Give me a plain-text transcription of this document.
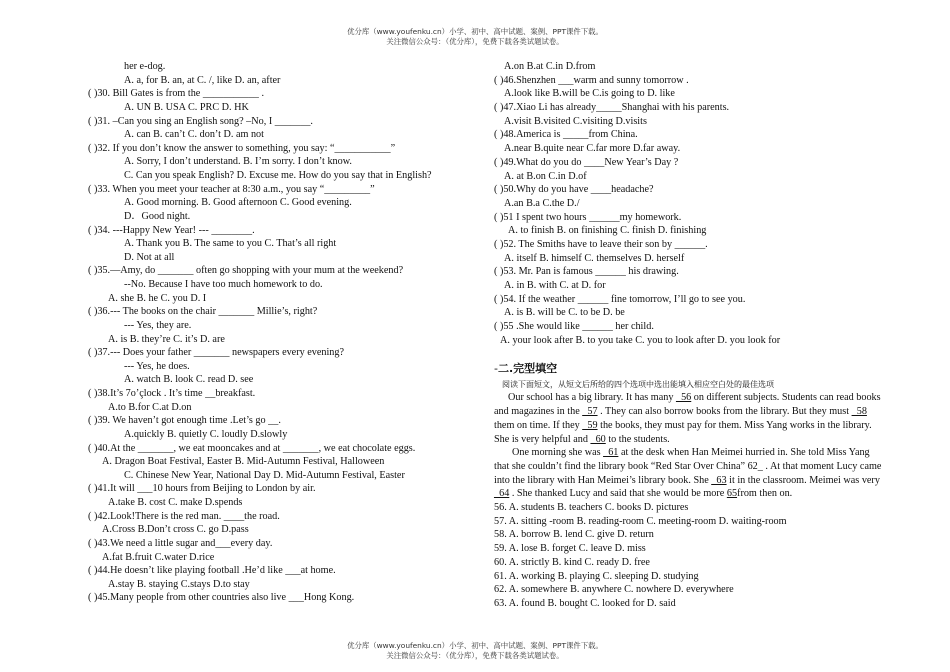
优分库（www.youfenku.cn）小学、初中、高中试题、案例、PPT课件下载。
关注微信公众号：（优分库），免费下载各类试题试卷。
her e-dog.
A. a, for B. an, at C. /, like D. an, after
( )30. Bill Gates is from the ___________ .
A. UN B. USA C. PRC D. HK
( )31. –Can you sing an English song? –No, I _______.
A. can B. can’t C. don’t D. am not
( )32. If you don’t know the answer to something, you say: “___________”
A. Sorry, I don’t understand. B. I’m sorry. I don’t know.
C. Can you speak English? D. Excuse me. How do you say that in English?
( )33. When you meet your teacher at 8:30 a.m., you say “_________”
A. Good morning. B. Good afternoon C. Good evening.
D．Good night.
( )34. ---Happy New Year! --- ________.
A. Thank you B. The same to you C. That’s all right
D. Not at all
( )35.—Amy, do _______ often go shopping with your mum at the weekend?
--No. Because I have too much homework to do.
A. she B. he C. you D. I
( )36.--- The books on the chair _______ Millie’s, right?
--- Yes, they are.
A. is B. they’re C. it’s D. are
( )37.--- Does your father _______ newspapers every evening?
--- Yes, he does.
A. watch B. look C. read D. see
( )38.It’s 7o’çlock . It’s time __breakfast.
A.to B.for C.at D.on
( )39. We haven’t got enough time .Let’s go __.
A.quickly B. quietly C. loudly D.slowly
( )40.At the _______, we eat mooncakes and at _______, we eat chocolate eggs.
A. Dragon Boat Festival, Easter B. Mid-Autumn Festival, Halloween
C. Chinese New Year, National Day D. Mid-Autumn Festival, Easter
( )41.It will ___10 hours from Beijing to London by air.
A.take B. cost C. make D.spends
( )42.Look!There is the red man. ____the road.
A.Cross B.Don’t cross C. go D.pass
( )43.We need a little sugar and___every day.
A.fat B.fruit C.water D.rice
( )44.He doesn’t like playing football .He’d like ___at home.
A.stay B. staying C.stays D.to stay
( )45.Many people from other countries also live ___Hong Kong.
A.on B.at C.in D.from
( )46.Shenzhen ___warm and sunny tomorrow .
A.look like B.will be C.is going to D. like
( )47.Xiao Li has already_____Shanghai with his parents.
A.visit B.visited C.visiting D.visits
( )48.America is _____from China.
A.near B.quite near C.far more D.far away.
( )49.What do you do ____New Year’s Day ?
A. at B.on C.in D.of
( )50.Why do you have ____headache?
A.an B.a C.the D./
( )51 I spent two hours ______my homework.
A. to finish B. on finishing C. finish D. finishing
( )52. The Smiths have to leave their son by ______.
A. itself B. himself C. themselves D. herself
( )53. Mr. Pan is famous ______ his drawing.
A. in B. with C. at D. for
( )54. If the weather ______ fine tomorrow, I’ll go to see you.
A. is B. will be C. to be D. be
( )55 .She would like ______ her child.
A. your look after B. to you take C. you to look after D. you look for
-二.完型填空
阅读下面短文，从短文后所给的四个选项中选出能填入相应空白处的最佳选项

Our school has a big library. It has many _56 on different subjects. Students can read books and magazines in the _57 . They can also borrow books from the library. But they must _58 them on time. If they _59 the books, they must pay for them. Miss Yang works in the library. She is very helpful and _60 to the students.

One morning she was _61 at the desk when Han Meimei hurried in. She told Miss Yang that she couldn’t find the library book “Red Star Over China” 62_ . At that moment Lucy came into the library with Han Meimei’s library book. She _63 it in the classroom. Meimei was very _64 . She thanked Lucy and said that she would be more 65from then on.

56. A. students B. teachers C. books D. pictures
57. A. sitting -room B. reading-room C. meeting-room D. waiting-room
58. A. borrow B. lend C. give D. return
59. A. lose B. forget C. leave D. miss
60. A. strictly B. kind C. ready D. free
61. A. working B. playing C. sleeping D. studying
62. A. somewhere B. anywhere C. nowhere D. everywhere
63. A. found B. bought C. looked for D. said
优分库（www.youfenku.cn）小学、初中、高中试题、案例、PPT课件下载。
关注微信公众号：（优分库），免费下载各类试题试卷。
